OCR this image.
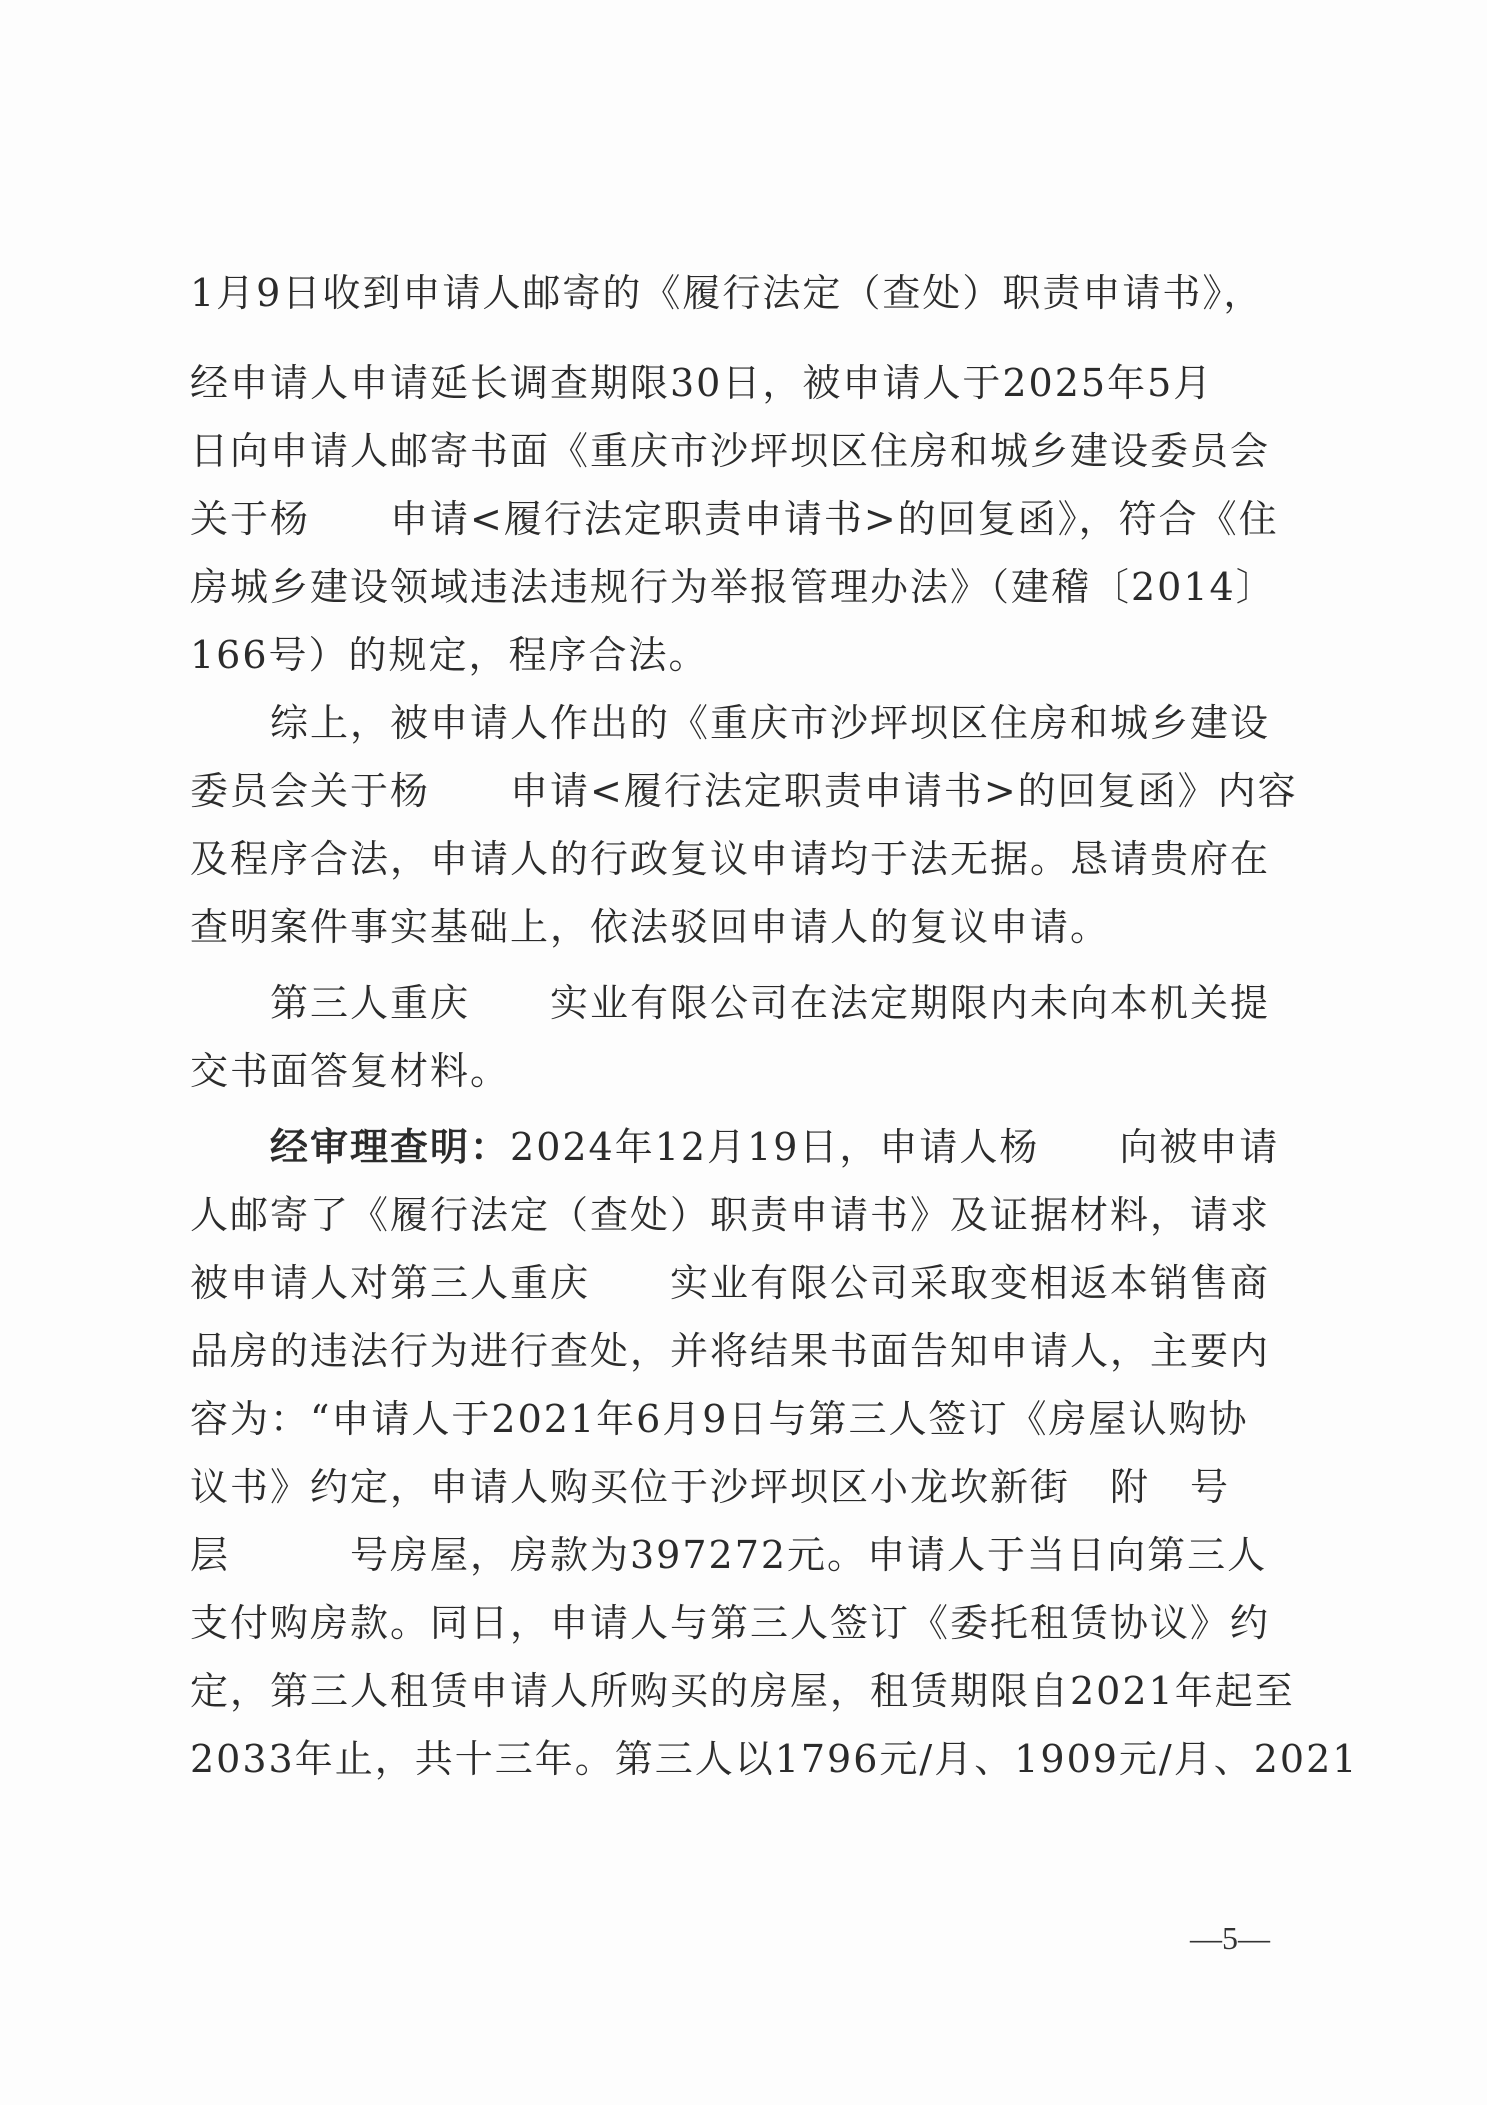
1月9日收到申请人邮寄的《履行法定（查处）职责申请书》，
经申请人申请延长调查期限30日，被申请人于2025年5月
日向申请人邮寄书面《重庆市沙坪坝区住房和城乡建设委员会
关于杨　　申请<履行法定职责申请书>的回复函》，符合《住
房城乡建设领域违法违规行为举报管理办法》（建稽〔2014〕
166号）的规定，程序合法。
　　综上，被申请人作出的《重庆市沙坪坝区住房和城乡建设
委员会关于杨　　申请<履行法定职责申请书>的回复函》内容
及程序合法，申请人的行政复议申请均于法无据。恳请贵府在
查明案件事实基础上，依法驳回申请人的复议申请。
　　第三人重庆　　实业有限公司在法定期限内未向本机关提
交书面答复材料。
　　经审理查明：2024年12月19日，申请人杨　　向被申请
人邮寄了《履行法定（查处）职责申请书》及证据材料，请求
被申请人对第三人重庆　　实业有限公司采取变相返本销售商
品房的违法行为进行查处，并将结果书面告知申请人，主要内
容为：“申请人于2021年6月9日与第三人签订《房屋认购协
议书》约定，申请人购买位于沙坪坝区小龙坎新街　附　号
层　　　号房屋，房款为397272元。申请人于当日向第三人
支付购房款。同日，申请人与第三人签订《委托租赁协议》约
定，第三人租赁申请人所购买的房屋，租赁期限自2021年起至
2033年止，共十三年。第三人以1796元/月、1909元/月、2021
—5—
